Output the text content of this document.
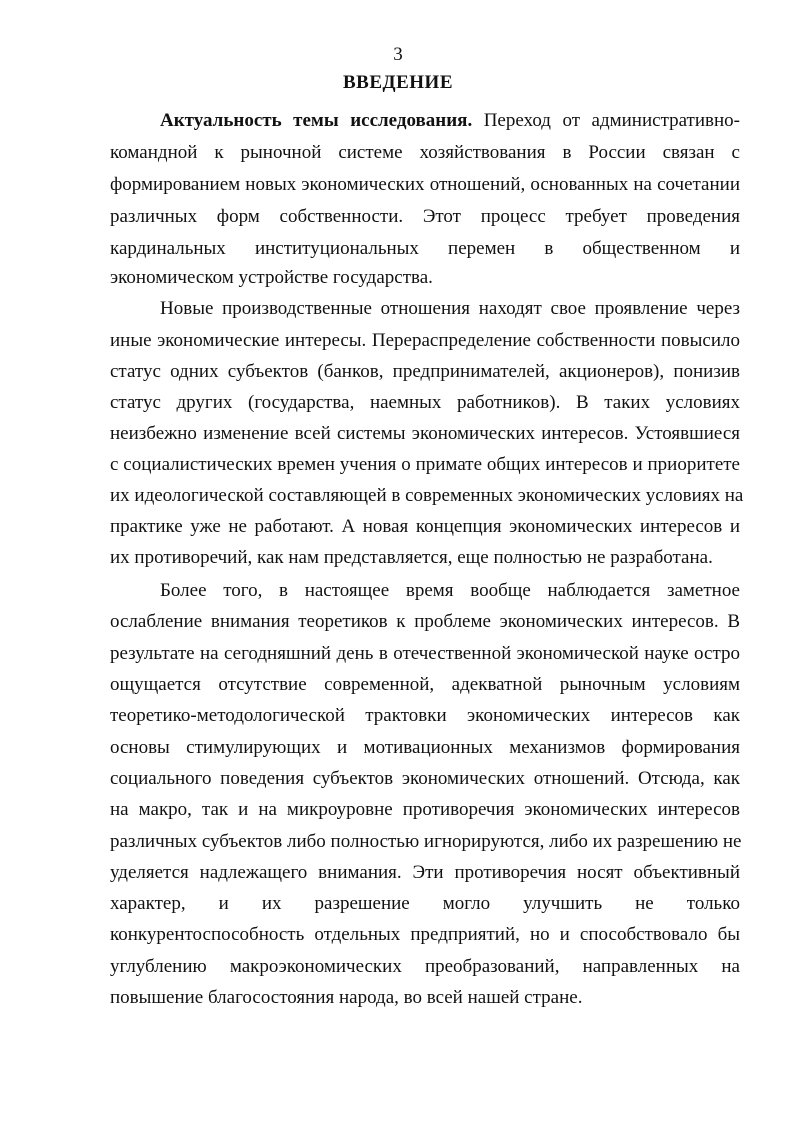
3
ВВЕДЕНИЕ
Актуальность темы исследования. Переход от административно-
командной к рыночной системе хозяйствования в России связан с
формированием новых экономических отношений, основанных на сочетании
различных форм собственности. Этот процесс требует проведения
кардинальных институциональных перемен в общественном и
экономическом устройстве государства.
Новые производственные отношения находят свое проявление через
иные экономические интересы. Перераспределение собственности повысило
статус одних субъектов (банков, предпринимателей, акционеров), понизив
статус других (государства, наемных работников). В таких условиях
неизбежно изменение всей системы экономических интересов. Устоявшиеся
с социалистических времен учения о примате общих интересов и приоритете
их идеологической составляющей в современных экономических условиях на
практике уже не работают. А новая концепция экономических интересов и
их противоречий, как нам представляется, еще полностью не разработана.
Более того, в настоящее время вообще наблюдается заметное
ослабление внимания теоретиков к проблеме экономических интересов. В
результате на сегодняшний день в отечественной экономической науке остро
ощущается отсутствие современной, адекватной рыночным условиям
теоретико-методологической трактовки экономических интересов как
основы стимулирующих и мотивационных механизмов формирования
социального поведения субъектов экономических отношений. Отсюда, как
на макро, так и на микроуровне противоречия экономических интересов
различных субъектов либо полностью игнорируются, либо их разрешению не
уделяется надлежащего внимания. Эти противоречия носят объективный
характер, и их разрешение могло улучшить не только
конкурентоспособность отдельных предприятий, но и способствовало бы
углублению макроэкономических преобразований, направленных на
повышение благосостояния народа, во всей нашей стране.
